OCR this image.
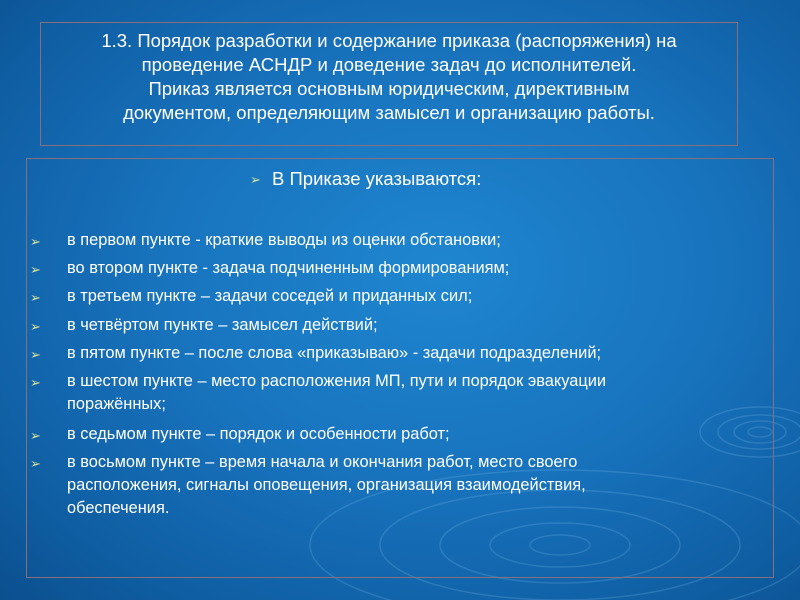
1.3. Порядок разработки и содержание приказа (распоряжения) на
проведение АСНДР и доведение задач до исполнителей.
Приказ является основным юридическим, директивным
документом, определяющим замысел и организацию работы.
➢ В Приказе указываются:
➢ в первом пункте - краткие выводы из оценки обстановки;
➢ во втором пункте - задача подчиненным формированиям;
➢ в третьем пункте – задачи соседей и приданных сил;
➢ в четвёртом пункте – замысел действий;
➢ в пятом пункте – после слова «приказываю» - задачи подразделений;
➢ в шестом пункте – место расположения МП, пути и порядок эвакуации
поражённых;
➢ в седьмом пункте – порядок и особенности работ;
➢ в восьмом пункте – время начала и окончания работ, место своего
расположения, сигналы оповещения, организация взаимодействия,
обеспечения.
